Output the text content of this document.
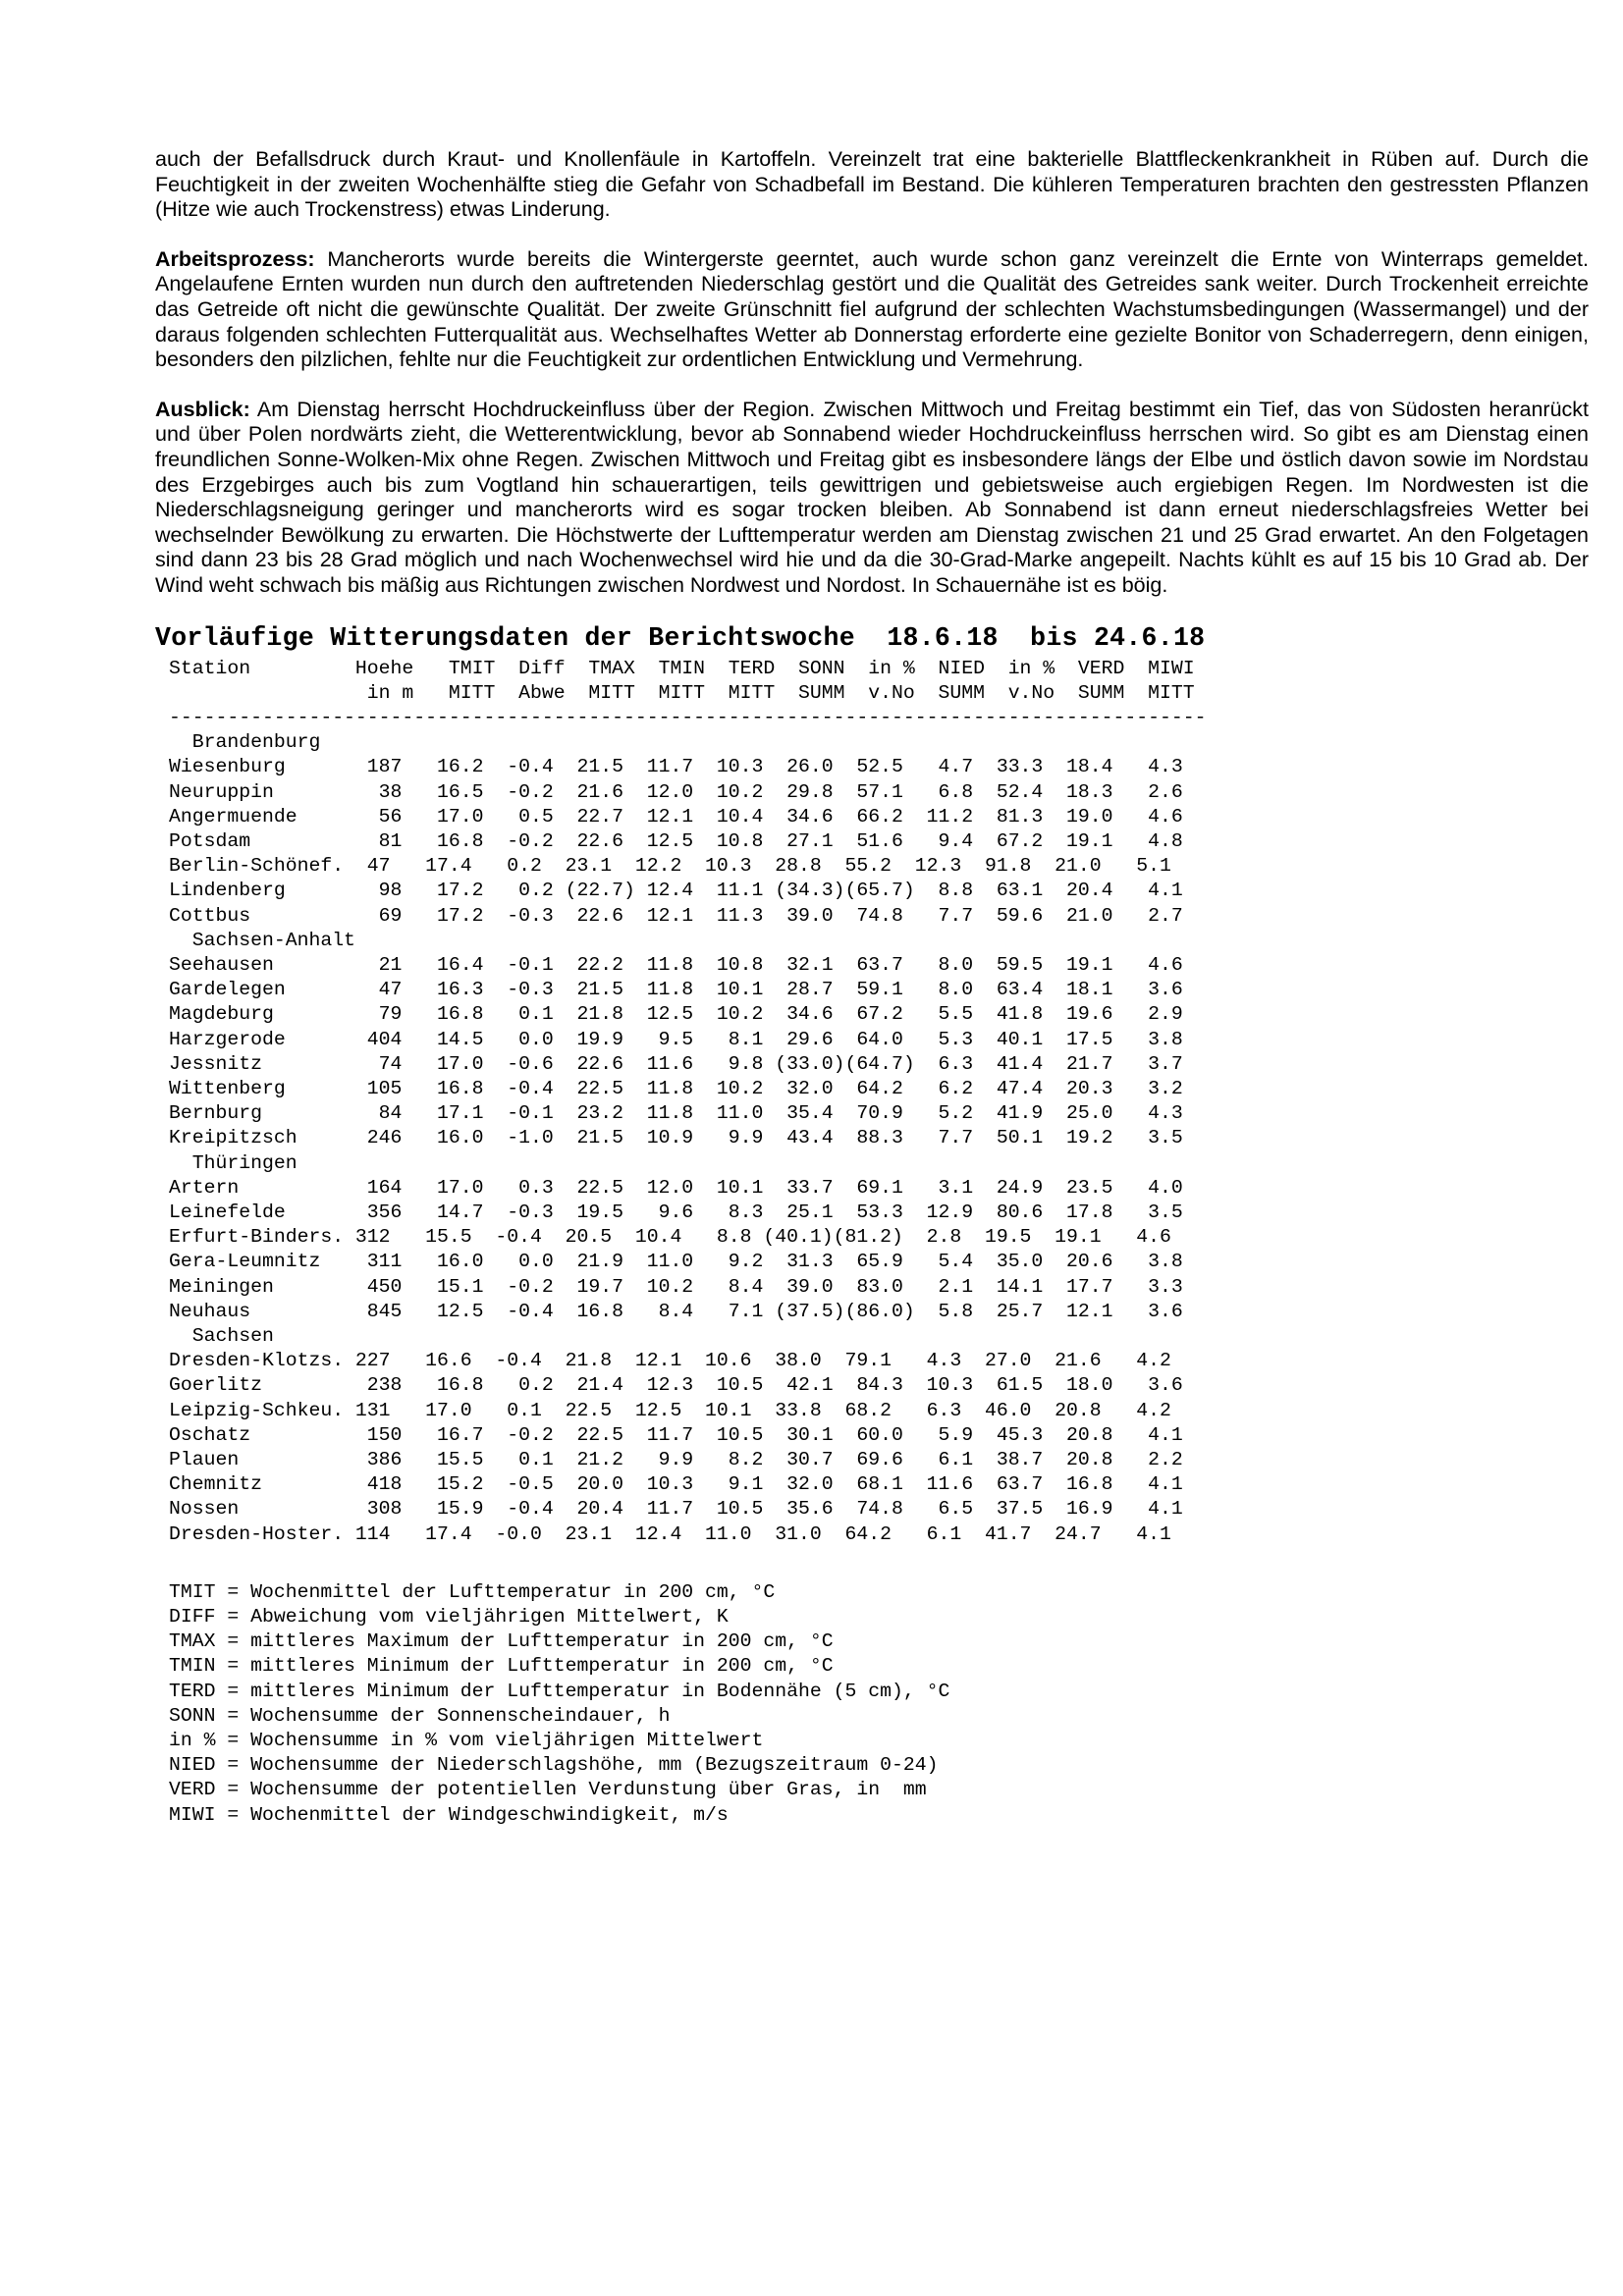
auch der Befallsdruck durch Kraut- und Knollenfäule in Kartoffeln. Vereinzelt trat eine bakterielle Blattfleckenkrankheit in Rüben auf. Durch die Feuchtigkeit in der zweiten Wochenhälfte stieg die Gefahr von Schadbefall im Bestand. Die kühleren Temperaturen brachten den gestressten Pflanzen (Hitze wie auch Trockenstress) etwas Linderung.

Arbeitsprozess: Mancherorts wurde bereits die Wintergerste geerntet, auch wurde schon ganz vereinzelt die Ernte von Winterraps gemeldet. Angelaufene Ernten wurden nun durch den auftretenden Niederschlag gestört und die Qualität des Getreides sank weiter. Durch Trockenheit erreichte das Getreide oft nicht die gewünschte Qualität. Der zweite Grünschnitt fiel aufgrund der schlechten Wachstumsbedingungen (Wassermangel) und der daraus folgenden schlechten Futterqualität aus. Wechselhaftes Wetter ab Donnerstag erforderte eine gezielte Bonitor von Schaderregern, denn einigen, besonders den pilzlichen, fehlte nur die Feuchtigkeit zur ordentlichen Entwicklung und Vermehrung.

Ausblick: Am Dienstag herrscht Hochdruckeinfluss über der Region. Zwischen Mittwoch und Freitag bestimmt ein Tief, das von Südosten heranrückt und über Polen nordwärts zieht, die Wetterentwicklung, bevor ab Sonnabend wieder Hochdruckeinfluss herrschen wird. So gibt es am Dienstag einen freundlichen Sonne-Wolken-Mix ohne Regen. Zwischen Mittwoch und Freitag gibt es insbesondere längs der Elbe und östlich davon sowie im Nordstau des Erzgebirges auch bis zum Vogtland hin schauerartigen, teils gewittrigen und gebietsweise auch ergiebigen Regen. Im Nordwesten ist die Niederschlagsneigung geringer und mancherorts wird es sogar trocken bleiben. Ab Sonnabend ist dann erneut niederschlagsfreies Wetter bei wechselnder Bewölkung zu erwarten. Die Höchstwerte der Lufttemperatur werden am Dienstag zwischen 21 und 25 Grad erwartet. An den Folgetagen sind dann 23 bis 28 Grad möglich und nach Wochenwechsel wird hie und da die 30-Grad-Marke angepeilt. Nachts kühlt es auf 15 bis 10 Grad ab. Der Wind weht schwach bis mäßig aus Richtungen zwischen Nordwest und Nordost. In Schauernähe ist es böig.

Vorläufige Witterungsdaten der Berichtswoche  18.6.18  bis 24.6.18
Station         Hoehe   TMIT  Diff  TMAX  TMIN  TERD  SONN  in %  NIED  in %  VERD  MIWI
in m   MITT  Abwe  MITT  MITT  MITT  SUMM  v.No  SUMM  v.No  SUMM  MITT
-----------------------------------------------------------------------------------------
Brandenburg
Wiesenburg       187   16.2  -0.4  21.5  11.7  10.3  26.0  52.5   4.7  33.3  18.4   4.3
Neuruppin         38   16.5  -0.2  21.6  12.0  10.2  29.8  57.1   6.8  52.4  18.3   2.6
Angermuende       56   17.0   0.5  22.7  12.1  10.4  34.6  66.2  11.2  81.3  19.0   4.6
Potsdam           81   16.8  -0.2  22.6  12.5  10.8  27.1  51.6   9.4  67.2  19.1   4.8
Berlin-Schönef.  47   17.4   0.2  23.1  12.2  10.3  28.8  55.2  12.3  91.8  21.0   5.1
Lindenberg        98   17.2   0.2 (22.7) 12.4  11.1 (34.3)(65.7)  8.8  63.1  20.4   4.1
Cottbus           69   17.2  -0.3  22.6  12.1  11.3  39.0  74.8   7.7  59.6  21.0   2.7
Sachsen-Anhalt
Seehausen         21   16.4  -0.1  22.2  11.8  10.8  32.1  63.7   8.0  59.5  19.1   4.6
Gardelegen        47   16.3  -0.3  21.5  11.8  10.1  28.7  59.1   8.0  63.4  18.1   3.6
Magdeburg         79   16.8   0.1  21.8  12.5  10.2  34.6  67.2   5.5  41.8  19.6   2.9
Harzgerode       404   14.5   0.0  19.9   9.5   8.1  29.6  64.0   5.3  40.1  17.5   3.8
Jessnitz          74   17.0  -0.6  22.6  11.6   9.8 (33.0)(64.7)  6.3  41.4  21.7   3.7
Wittenberg       105   16.8  -0.4  22.5  11.8  10.2  32.0  64.2   6.2  47.4  20.3   3.2
Bernburg          84   17.1  -0.1  23.2  11.8  11.0  35.4  70.9   5.2  41.9  25.0   4.3
Kreipitzsch      246   16.0  -1.0  21.5  10.9   9.9  43.4  88.3   7.7  50.1  19.2   3.5
Thüringen
Artern           164   17.0   0.3  22.5  12.0  10.1  33.7  69.1   3.1  24.9  23.5   4.0
Leinefelde       356   14.7  -0.3  19.5   9.6   8.3  25.1  53.3  12.9  80.6  17.8   3.5
Erfurt-Binders. 312   15.5  -0.4  20.5  10.4   8.8 (40.1)(81.2)  2.8  19.5  19.1   4.6
Gera-Leumnitz    311   16.0   0.0  21.9  11.0   9.2  31.3  65.9   5.4  35.0  20.6   3.8
Meiningen        450   15.1  -0.2  19.7  10.2   8.4  39.0  83.0   2.1  14.1  17.7   3.3
Neuhaus          845   12.5  -0.4  16.8   8.4   7.1 (37.5)(86.0)  5.8  25.7  12.1   3.6
Sachsen
Dresden-Klotzs. 227   16.6  -0.4  21.8  12.1  10.6  38.0  79.1   4.3  27.0  21.6   4.2
Goerlitz         238   16.8   0.2  21.4  12.3  10.5  42.1  84.3  10.3  61.5  18.0   3.6
Leipzig-Schkeu. 131   17.0   0.1  22.5  12.5  10.1  33.8  68.2   6.3  46.0  20.8   4.2
Oschatz          150   16.7  -0.2  22.5  11.7  10.5  30.1  60.0   5.9  45.3  20.8   4.1
Plauen           386   15.5   0.1  21.2   9.9   8.2  30.7  69.6   6.1  38.7  20.8   2.2
Chemnitz         418   15.2  -0.5  20.0  10.3   9.1  32.0  68.1  11.6  63.7  16.8   4.1
Nossen           308   15.9  -0.4  20.4  11.7  10.5  35.6  74.8   6.5  37.5  16.9   4.1
Dresden-Hoster. 114   17.4  -0.0  23.1  12.4  11.0  31.0  64.2   6.1  41.7  24.7   4.1
TMIT = Wochenmittel der Lufttemperatur in 200 cm, °C
DIFF = Abweichung vom vieljährigen Mittelwert, K
TMAX = mittleres Maximum der Lufttemperatur in 200 cm, °C
TMIN = mittleres Minimum der Lufttemperatur in 200 cm, °C
TERD = mittleres Minimum der Lufttemperatur in Bodennähe (5 cm), °C
SONN = Wochensumme der Sonnenscheindauer, h
in % = Wochensumme in % vom vieljährigen Mittelwert
NIED = Wochensumme der Niederschlagshöhe, mm (Bezugszeitraum 0-24)
VERD = Wochensumme der potentiellen Verdunstung über Gras, in  mm
MIWI = Wochenmittel der Windgeschwindigkeit, m/s
